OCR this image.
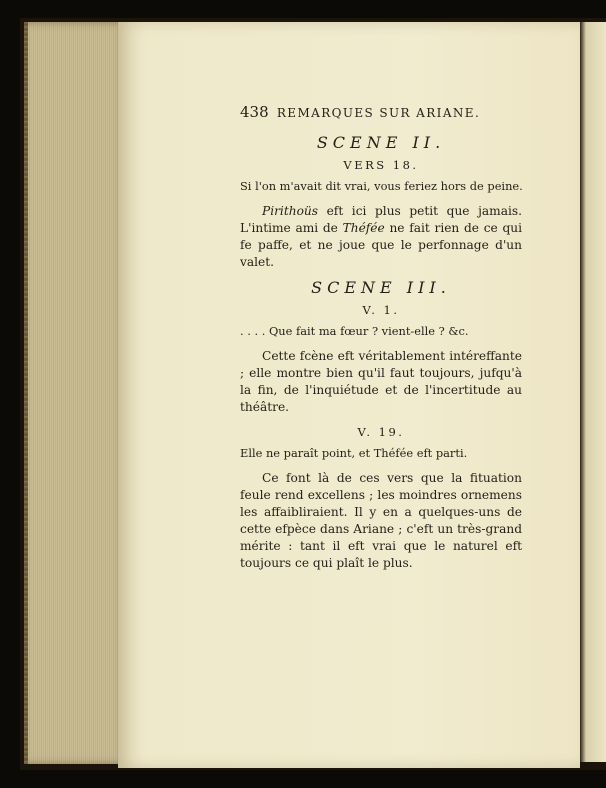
438 REMARQUES SUR ARIANE.
SCENE II.
VERS 18.
Si l'on m'avait dit vrai, vous feriez hors de peine.

Pirithoüs eft ici plus petit que jamais. L'intime ami de Théfée ne fait rien de ce qui fe paffe, et ne joue que le perfonnage d'un valet.

SCENE III.
V. 1.
. . . . Que fait ma fœur ? vient-elle ? &c.

Cette fcène eft véritablement intéreffante ; elle montre bien qu'il faut toujours, jufqu'à la fin, de l'inquiétude et de l'incertitude au théâtre.

V. 19.
Elle ne paraît point, et Théfée eft parti.

Ce font là de ces vers que la fituation feule rend excellens ; les moindres ornemens les affaibliraient. Il y en a quelques-uns de cette efpèce dans Ariane ; c'eft un très-grand mérite : tant il eft vrai que le naturel eft toujours ce qui plaît le plus.
